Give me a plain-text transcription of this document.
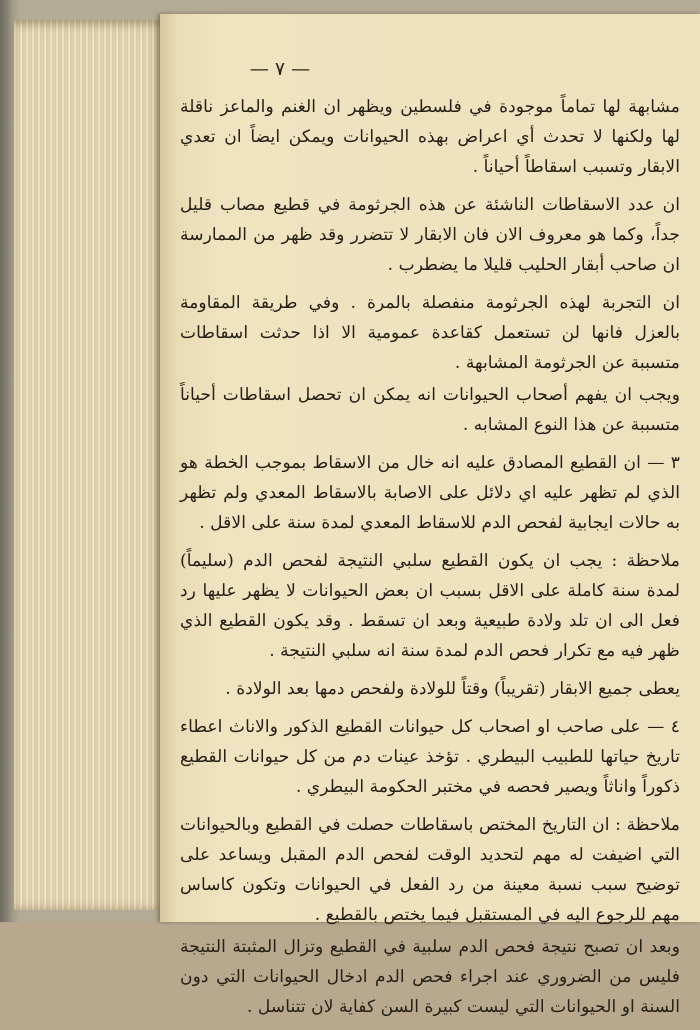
— ٧ —

مشابهة لها تماماً موجودة في فلسطين ويظهر ان الغنم والماعز ناقلة لها ولكنها لا تحدث أي اعراض بهذه الحيوانات ويمكن ايضاً ان تعدي الابقار وتسبب اسقاطاً أحياناً .

ان عدد الاسقاطات الناشئة عن هذه الجرثومة في قطيع مصاب قليل جداً، وكما هو معروف الان فان الابقار لا تتضرر وقد ظهر من الممارسة ان صاحب أبقار الحليب قليلا ما يضطرب .

ان التجربة لهذه الجرثومة منفصلة بالمرة . وفي طريقة المقاومة بالعزل فانها لن تستعمل كقاعدة عمومية الا اذا حدثت اسقاطات متسببة عن الجرثومة المشابهة .

ويجب ان يفهم أصحاب الحيوانات انه يمكن ان تحصل اسقاطات أحياناً متسببة عن هذا النوع المشابه .

٣ — ان القطيع المصادق عليه انه خال من الاسقاط بموجب الخطة هو الذي لم تظهر عليه اي دلائل على الاصابة بالاسقاط المعدي ولم تظهر به حالات ايجابية لفحص الدم للاسقاط المعدي لمدة سنة على الاقل .

ملاحظة : يجب ان يكون القطيع سلبي النتيجة لفحص الدم (سليماً) لمدة سنة كاملة على الاقل بسبب ان بعض الحيوانات لا يظهر عليها رد فعل الى ان تلد ولادة طبيعية وبعد ان تسقط . وقد يكون القطيع الذي ظهر فيه مع تكرار فحص الدم لمدة سنة انه سلبي النتيجة .

يعطى جميع الابقار (تقريباً) وقتاً للولادة ولفحص دمها بعد الولادة .

٤ — على صاحب او اصحاب كل حيوانات القطيع الذكور والاناث اعطاء تاريخ حياتها للطبيب البيطري . تؤخذ عينات دم من كل حيوانات القطيع ذكوراً واناثاً ويصير فحصه في مختبر الحكومة البيطري .

ملاحظة : ان التاريخ المختص باسقاطات حصلت في القطيع وبالحيوانات التي اضيفت له مهم لتحديد الوقت لفحص الدم المقبل ويساعد على توضيح سبب نسبة معينة من رد الفعل في الحيوانات وتكون كاساس مهم للرجوع اليه في المستقبل فيما يختص بالقطيع .

وبعد ان تصبح نتيجة فحص الدم سلبية في القطيع وتزال المثبتة النتيجة فليس من الضروري عند اجراء فحص الدم ادخال الحيوانات التي دون السنة او الحيوانات التي ليست كبيرة السن كفاية لان تتناسل .
